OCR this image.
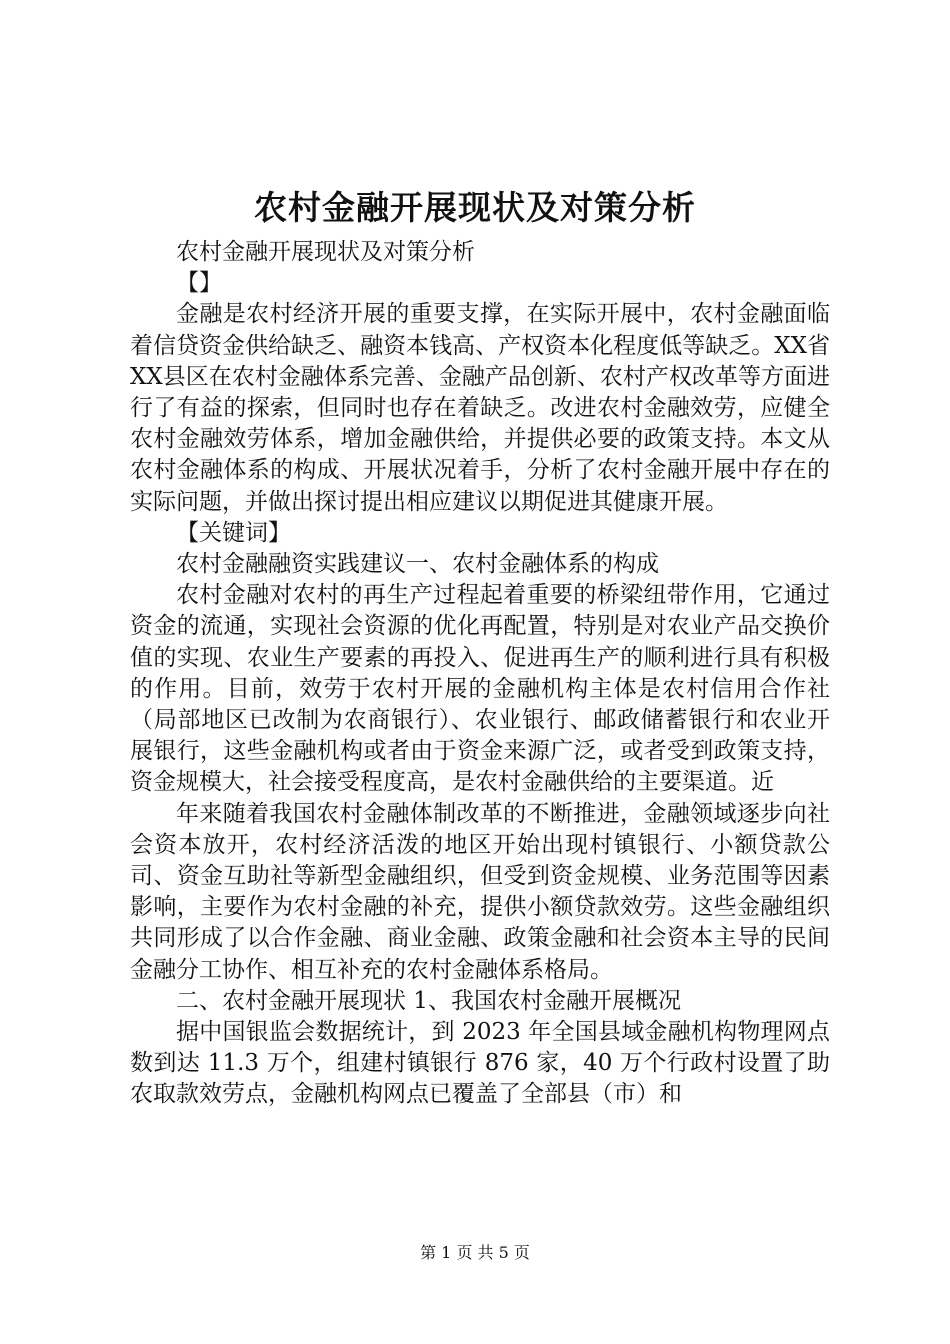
农村金融开展现状及对策分析

农村金融开展现状及对策分析

【】

金融是农村经济开展的重要支撑，在实际开展中，农村金融面临着信贷资金供给缺乏、融资本钱高、产权资本化程度低等缺乏。XX省XX县区在农村金融体系完善、金融产品创新、农村产权改革等方面进行了有益的探索，但同时也存在着缺乏。改进农村金融效劳，应健全农村金融效劳体系，增加金融供给，并提供必要的政策支持。本文从农村金融体系的构成、开展状况着手，分析了农村金融开展中存在的实际问题，并做出探讨提出相应建议以期促进其健康开展。

【关键词】

农村金融融资实践建议一、农村金融体系的构成

农村金融对农村的再生产过程起着重要的桥梁纽带作用，它通过资金的流通，实现社会资源的优化再配置，特别是对农业产品交换价值的实现、农业生产要素的再投入、促进再生产的顺利进行具有积极的作用。目前，效劳于农村开展的金融机构主体是农村信用合作社（局部地区已改制为农商银行）、农业银行、邮政储蓄银行和农业开展银行，这些金融机构或者由于资金来源广泛，或者受到政策支持，资金规模大，社会接受程度高，是农村金融供给的主要渠道。近

年来随着我国农村金融体制改革的不断推进，金融领域逐步向社会资本放开，农村经济活泼的地区开始出现村镇银行、小额贷款公司、资金互助社等新型金融组织，但受到资金规模、业务范围等因素影响，主要作为农村金融的补充，提供小额贷款效劳。这些金融组织共同形成了以合作金融、商业金融、政策金融和社会资本主导的民间金融分工协作、相互补充的农村金融体系格局。

二、农村金融开展现状 1、我国农村金融开展概况

据中国银监会数据统计，到 2023 年全国县域金融机构物理网点数到达 11.3 万个，组建村镇银行 876 家，40 万个行政村设置了助农取款效劳点，金融机构网点已覆盖了全部县（市）和

第 1 页 共 5 页
